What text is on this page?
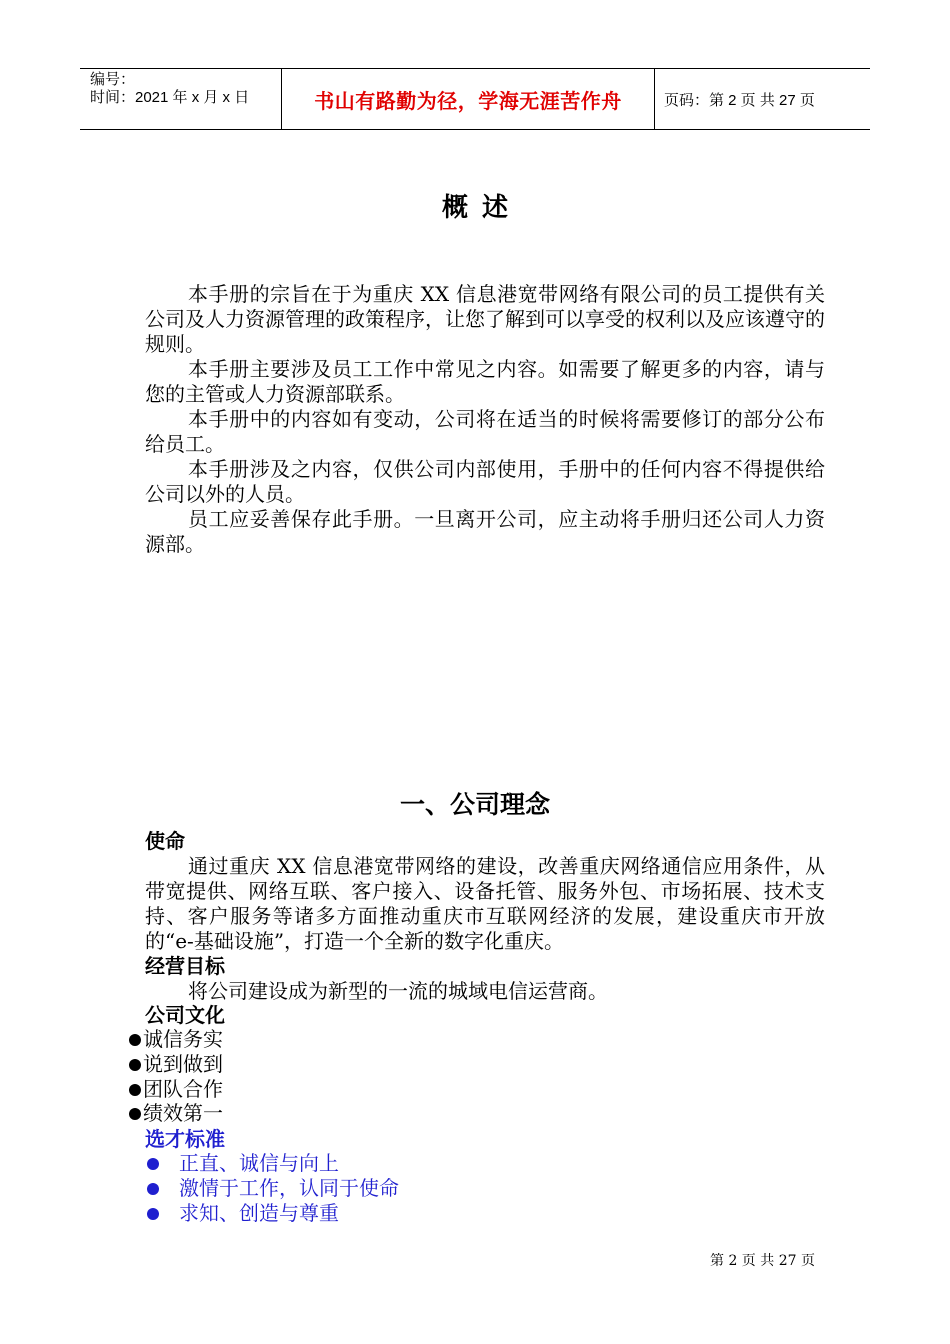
编号：
时间：2021 年 x 月 x 日	书山有路勤为径，学海无涯苦作舟	页码：第 2 页 共 27 页
概述
本手册的宗旨在于为重庆 XX 信息港宽带网络有限公司的员工提供有关公司及人力资源管理的政策程序，让您了解到可以享受的权利以及应该遵守的规则。
本手册主要涉及员工工作中常见之内容。如需要了解更多的内容，请与您的主管或人力资源部联系。
本手册中的内容如有变动，公司将在适当的时候将需要修订的部分公布给员工。
本手册涉及之内容，仅供公司内部使用，手册中的任何内容不得提供给公司以外的人员。
员工应妥善保存此手册。一旦离开公司，应主动将手册归还公司人力资源部。
一、公司理念
使命
通过重庆 XX 信息港宽带网络的建设，改善重庆网络通信应用条件，从带宽提供、网络互联、客户接入、设备托管、服务外包、市场拓展、技术支持、客户服务等诸多方面推动重庆市互联网经济的发展，建设重庆市开放的“e-基础设施”，打造一个全新的数字化重庆。
经营目标
将公司建设成为新型的一流的城域电信运营商。
公司文化
诚信务实
说到做到
团队合作
绩效第一
选才标准
正直、诚信与向上
激情于工作，认同于使命
求知、创造与尊重
第 2 页 共 27 页
